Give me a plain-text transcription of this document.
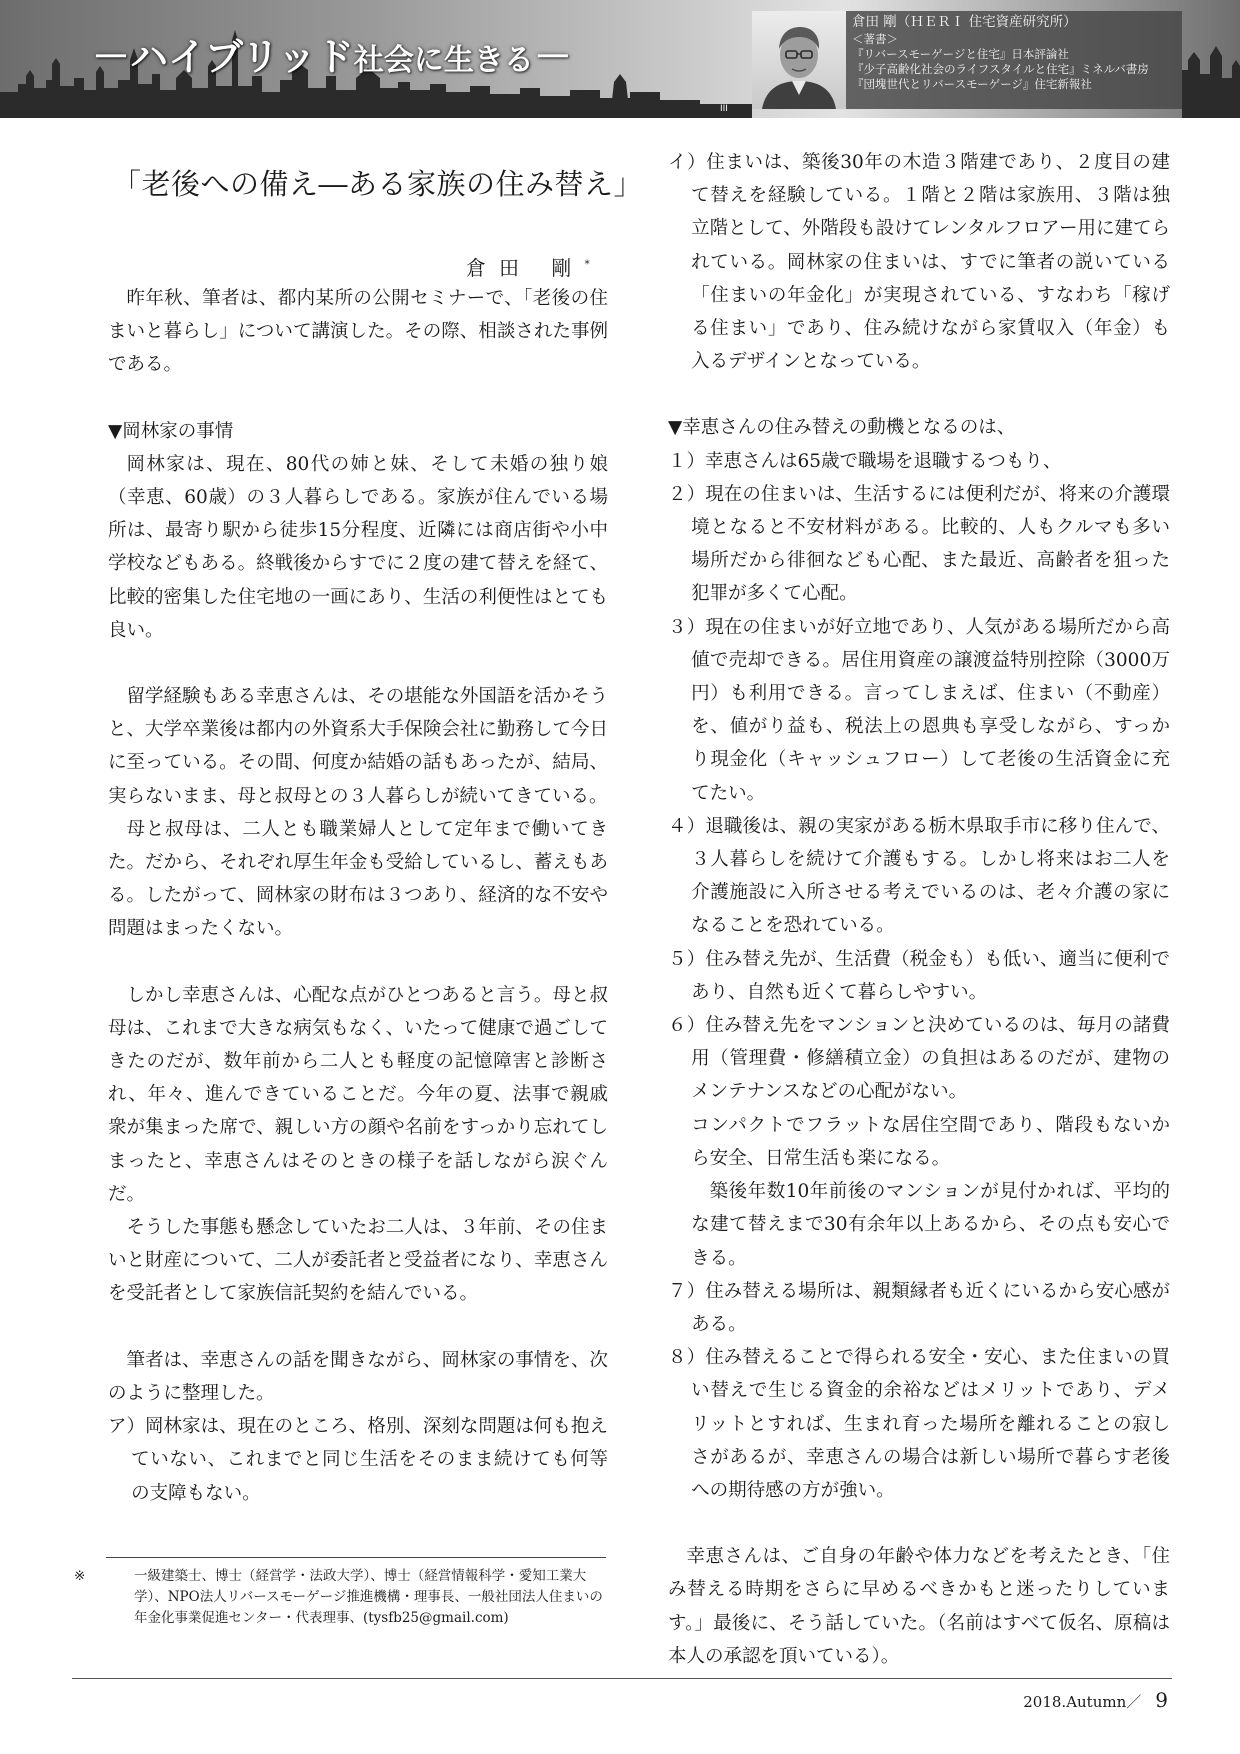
－ハイブリッド社会に生きる－
III
倉田 剛（ＨＥＲＩ 住宅資産研究所）
＜著書＞
『リバースモーゲージと住宅』日本評論社
『少子高齢化社会のライフスタイルと住宅』ミネルバ書房
『団塊世代とリバースモーゲージ』住宅新報社
「老後への備え―ある家族の住み替え」
倉田 剛*

昨年秋、筆者は、都内某所の公開セミナーで、「老後の住まいと暮らし」について講演した。その際、相談された事例である。

▼岡林家の事情

岡林家は、現在、80代の姉と妹、そして未婚の独り娘（幸恵、60歳）の３人暮らしである。家族が住んでいる場所は、最寄り駅から徒歩15分程度、近隣には商店街や小中学校などもある。終戦後からすでに２度の建て替えを経て、比較的密集した住宅地の一画にあり、生活の利便性はとても良い。

留学経験もある幸恵さんは、その堪能な外国語を活かそうと、大学卒業後は都内の外資系大手保険会社に勤務して今日に至っている。その間、何度か結婚の話もあったが、結局、実らないまま、母と叔母との３人暮らしが続いてきている。

母と叔母は、二人とも職業婦人として定年まで働いてきた。だから、それぞれ厚生年金も受給しているし、蓄えもある。したがって、岡林家の財布は３つあり、経済的な不安や問題はまったくない。

しかし幸恵さんは、心配な点がひとつあると言う。母と叔母は、これまで大きな病気もなく、いたって健康で過ごしてきたのだが、数年前から二人とも軽度の記憶障害と診断され、年々、進んできていることだ。今年の夏、法事で親戚衆が集まった席で、親しい方の顔や名前をすっかり忘れてしまったと、幸恵さんはそのときの様子を話しながら涙ぐんだ。

そうした事態も懸念していたお二人は、３年前、その住まいと財産について、二人が委託者と受益者になり、幸恵さんを受託者として家族信託契約を結んでいる。

筆者は、幸恵さんの話を聞きながら、岡林家の事情を、次のように整理した。

ア）岡林家は、現在のところ、格別、深刻な問題は何も抱えていない、これまでと同じ生活をそのまま続けても何等の支障もない。

※	一級建築士、博士（経営学・法政大学）、博士（経営情報科学・愛知工業大学）、NPO法人リバースモーゲージ推進機構・理事長、一般社団法人住まいの年金化事業促進センター・代表理事、(tysfb25@gmail.com)

イ）住まいは、築後30年の木造３階建であり、２度目の建て替えを経験している。１階と２階は家族用、３階は独立階として、外階段も設けてレンタルフロアー用に建てられている。岡林家の住まいは、すでに筆者の説いている「住まいの年金化」が実現されている、すなわち「稼げる住まい」であり、住み続けながら家賃収入（年金）も入るデザインとなっている。

▼幸恵さんの住み替えの動機となるのは、

１）幸恵さんは65歳で職場を退職するつもり、

２）現在の住まいは、生活するには便利だが、将来の介護環境となると不安材料がある。比較的、人もクルマも多い場所だから徘徊なども心配、また最近、高齢者を狙った犯罪が多くて心配。

３）現在の住まいが好立地であり、人気がある場所だから高値で売却できる。居住用資産の譲渡益特別控除（3000万円）も利用できる。言ってしまえば、住まい（不動産）を、値がり益も、税法上の恩典も享受しながら、すっかり現金化（キャッシュフロー）して老後の生活資金に充てたい。

４）退職後は、親の実家がある栃木県取手市に移り住んで、３人暮らしを続けて介護もする。しかし将来はお二人を介護施設に入所させる考えでいるのは、老々介護の家になることを恐れている。

５）住み替え先が、生活費（税金も）も低い、適当に便利であり、自然も近くて暮らしやすい。

６）住み替え先をマンションと決めているのは、毎月の諸費用（管理費・修繕積立金）の負担はあるのだが、建物のメンテナンスなどの心配がない。

コンパクトでフラットな居住空間であり、階段もないから安全、日常生活も楽になる。

築後年数10年前後のマンションが見付かれば、平均的な建て替えまで30有余年以上あるから、その点も安心できる。

７）住み替える場所は、親類縁者も近くにいるから安心感がある。

８）住み替えることで得られる安全・安心、また住まいの買い替えで生じる資金的余裕などはメリットであり、デメリットとすれば、生まれ育った場所を離れることの寂しさがあるが、幸恵さんの場合は新しい場所で暮らす老後への期待感の方が強い。

幸恵さんは、ご自身の年齢や体力などを考えたとき、「住み替える時期をさらに早めるべきかもと迷ったりしています。」最後に、そう話していた。（名前はすべて仮名、原稿は本人の承認を頂いている）。

2018.Autumn／ 9
